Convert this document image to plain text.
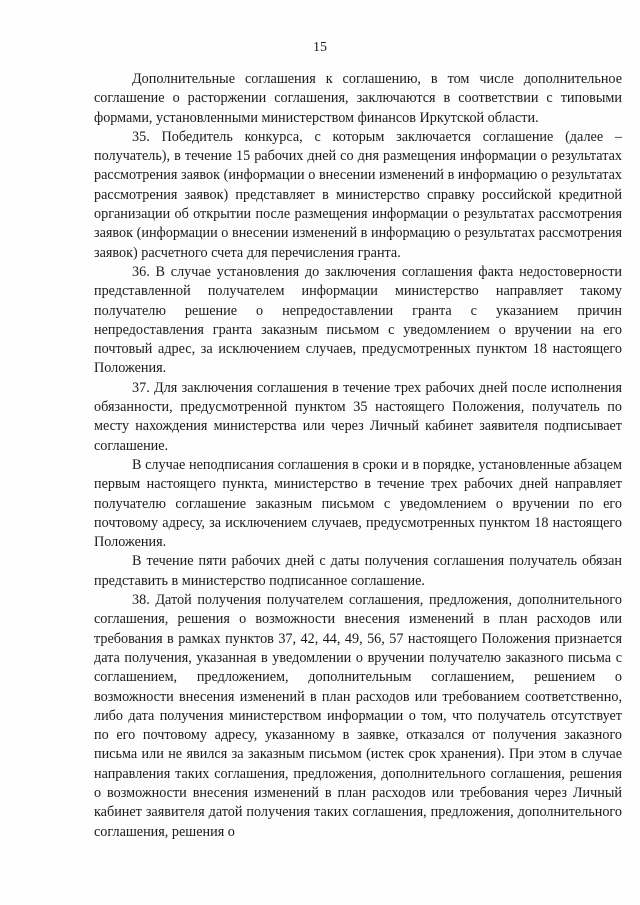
15

Дополнительные соглашения к соглашению, в том числе дополнительное соглашение о расторжении соглашения, заключаются в соответствии с типовыми формами, установленными министерством финансов Иркутской области.

35. Победитель конкурса, с которым заключается соглашение (далее – получатель), в течение 15 рабочих дней со дня размещения информации о результатах рассмотрения заявок (информации о внесении изменений в информацию о результатах рассмотрения заявок) представляет в министерство справку российской кредитной организации об открытии после размещения информации о результатах рассмотрения заявок (информации о внесении изменений в информацию о результатах рассмотрения заявок) расчетного счета для перечисления гранта.

36. В случае установления до заключения соглашения факта недостоверности представленной получателем информации министерство направляет такому получателю решение о непредоставлении гранта с указанием причин непредоставления гранта заказным письмом с уведомлением о вручении на его почтовый адрес, за исключением случаев, предусмотренных пунктом 18 настоящего Положения.

37. Для заключения соглашения в течение трех рабочих дней после исполнения обязанности, предусмотренной пунктом 35 настоящего Положения, получатель по месту нахождения министерства или через Личный кабинет заявителя подписывает соглашение.

В случае неподписания соглашения в сроки и в порядке, установленные абзацем первым настоящего пункта, министерство в течение трех рабочих дней направляет получателю соглашение заказным письмом с уведомлением о вручении по его почтовому адресу, за исключением случаев, предусмотренных пунктом 18 настоящего Положения.

В течение пяти рабочих дней с даты получения соглашения получатель обязан представить в министерство подписанное соглашение.

38. Датой получения получателем соглашения, предложения, дополнительного соглашения, решения о возможности внесения изменений в план расходов или требования в рамках пунктов 37, 42, 44, 49, 56, 57 настоящего Положения признается дата получения, указанная в уведомлении о вручении получателю заказного письма с соглашением, предложением, дополнительным соглашением, решением о возможности внесения изменений в план расходов или требованием соответственно, либо дата получения министерством информации о том, что получатель отсутствует по его почтовому адресу, указанному в заявке, отказался от получения заказного письма или не явился за заказным письмом (истек срок хранения). При этом в случае направления таких соглашения, предложения, дополнительного соглашения, решения о возможности внесения изменений в план расходов или требования через Личный кабинет заявителя датой получения таких соглашения, предложения, дополнительного соглашения, решения о
